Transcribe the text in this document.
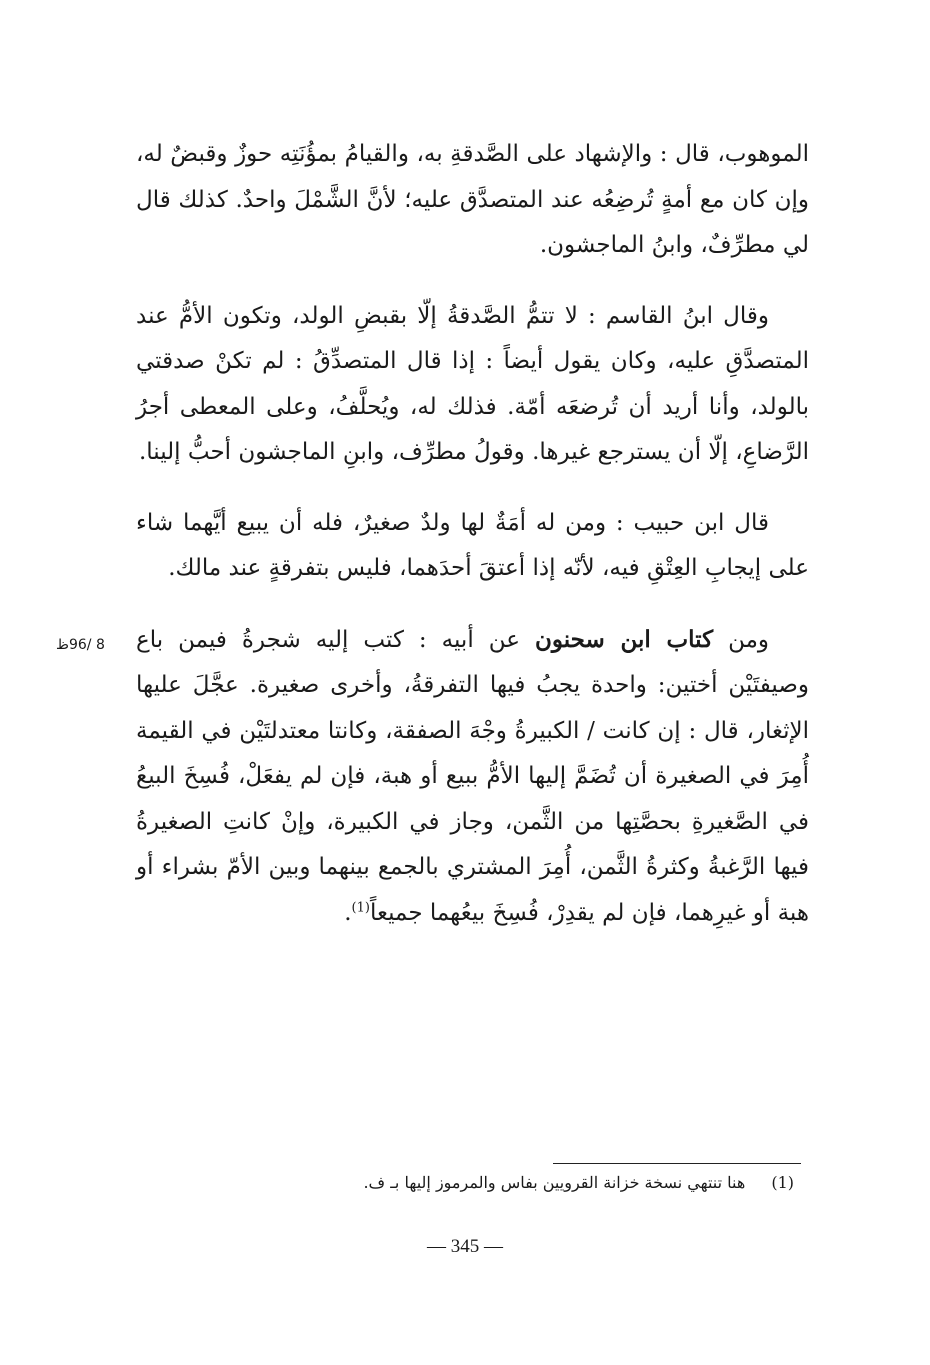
الموهوب، قال : والإشهاد على الصَّدقةِ به، والقيامُ بمؤُنَتِه حوزٌ وقبضٌ له، وإن كان مع أمةٍ تُرضِعُه عند المتصدَّق عليه؛ لأنَّ الشَّمْلَ واحدٌ. كذلك قال لي مطرِّفٌ، وابنُ الماجشون.

وقال ابنُ القاسم : لا تتمُّ الصَّدقةُ إلّا بقبضِ الولد، وتكون الأمُّ عند المتصدَّقِ عليه، وكان يقول أيضاً : إذا قال المتصدِّقُ : لم تكنْ صدقتي بالولد، وأنا أريد أن تُرضعَه أمّة. فذلك له، ويُحلَّفُ، وعلى المعطى أجرُ الرَّضاعِ، إلّا أن يسترجع غيرها. وقولُ مطرِّف، وابنِ الماجشون أحبُّ إلينا.

قال ابن حبيب : ومن له أمَةٌ لها ولدٌ صغيرٌ، فله أن يبيع أيَّهما شاء على إيجابِ العِتْقِ فيه، لأنّه إذا أعتقَ أحدَهما، فليس بتفرقةٍ عند مالك.

ومن كتاب ابن سحنون عن أبيه : كتب إليه شجرةُ فيمن باع وصيفتَيْن أختين: واحدة يجبُ فيها التفرقةُ، وأخرى صغيرة. عجَّلَ عليها الإثغار، قال : إن كانت / الكبيرةُ وجْهَ الصفقة، وكانتا معتدلتَيْن في القيمة أُمِرَ في الصغيرة أن تُضَمَّ إليها الأمُّ ببيع أو هبة، فإن لم يفعَلْ، فُسِخَ البيعُ في الصَّغيرةِ بحصَّتِها من الثَّمن، وجاز في الكبيرة، وإنْ كانتِ الصغيرةُ فيها الرَّغبةُ وكثرةُ الثَّمن، أُمِرَ المشتري بالجمع بينهما وبين الأمّ بشراء أو هبة أو غيرِهما، فإن لم يقدِرْ، فُسِخَ بيعُهما جميعاً$^{(1)}$.

8 /96ظ
(1)هنا تنتهي نسخة خزانة القرويين بفاس والمرموز إليها بـ ف.
— 345 —
